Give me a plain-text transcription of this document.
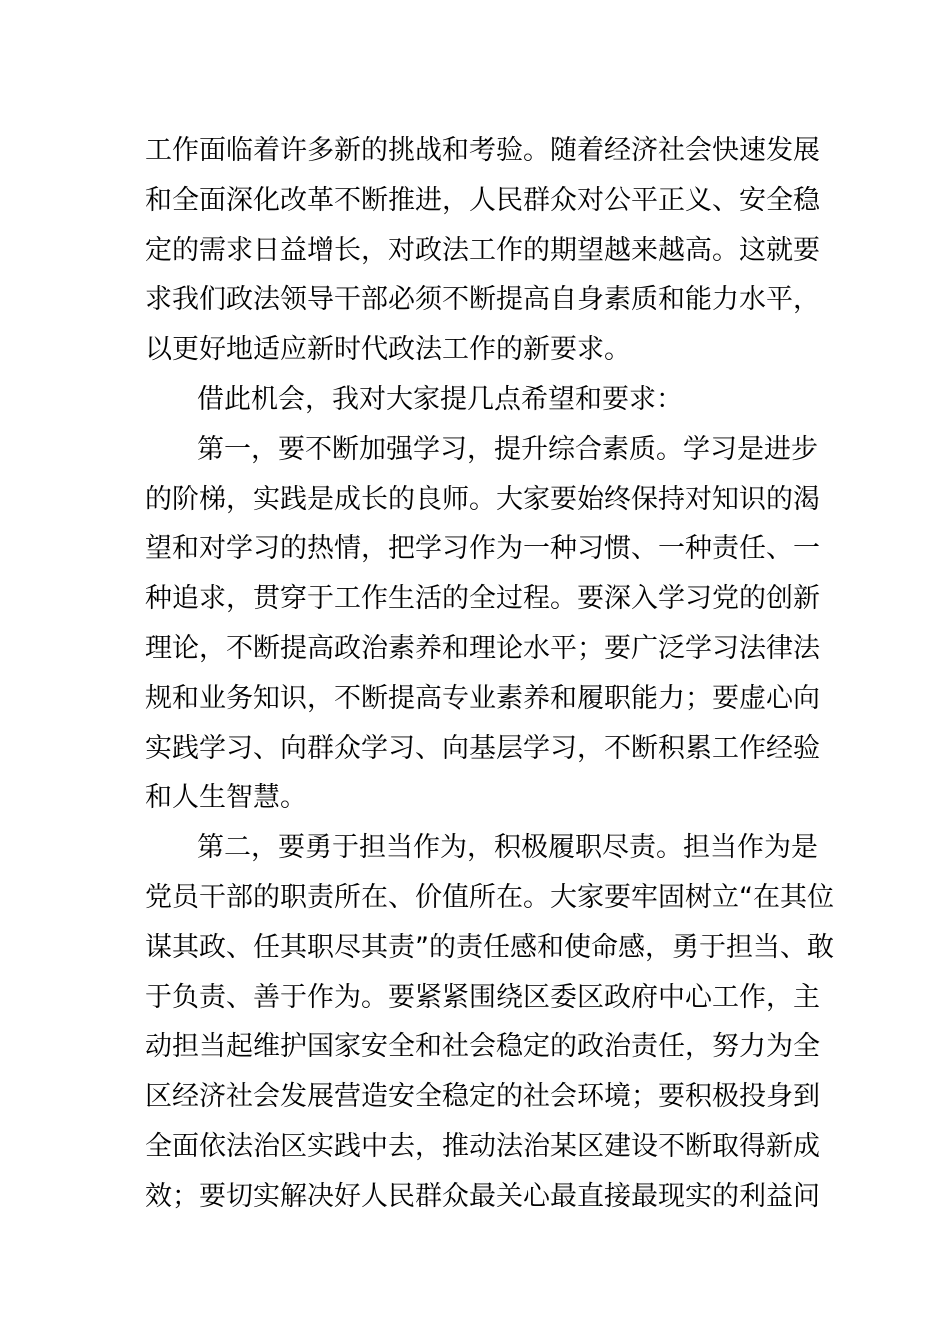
工作面临着许多新的挑战和考验。随着经济社会快速发展
和全面深化改革不断推进，人民群众对公平正义、安全稳
定的需求日益增长，对政法工作的期望越来越高。这就要
求我们政法领导干部必须不断提高自身素质和能力水平，
以更好地适应新时代政法工作的新要求。
借此机会，我对大家提几点希望和要求：
第一，要不断加强学习，提升综合素质。学习是进步
的阶梯，实践是成长的良师。大家要始终保持对知识的渴
望和对学习的热情，把学习作为一种习惯、一种责任、一
种追求，贯穿于工作生活的全过程。要深入学习党的创新
理论，不断提高政治素养和理论水平；要广泛学习法律法
规和业务知识，不断提高专业素养和履职能力；要虚心向
实践学习、向群众学习、向基层学习，不断积累工作经验
和人生智慧。
第二，要勇于担当作为，积极履职尽责。担当作为是
党员干部的职责所在、价值所在。大家要牢固树立“在其位
谋其政、任其职尽其责”的责任感和使命感，勇于担当、敢
于负责、善于作为。要紧紧围绕区委区政府中心工作，主
动担当起维护国家安全和社会稳定的政治责任，努力为全
区经济社会发展营造安全稳定的社会环境；要积极投身到
全面依法治区实践中去，推动法治某区建设不断取得新成
效；要切实解决好人民群众最关心最直接最现实的利益问
